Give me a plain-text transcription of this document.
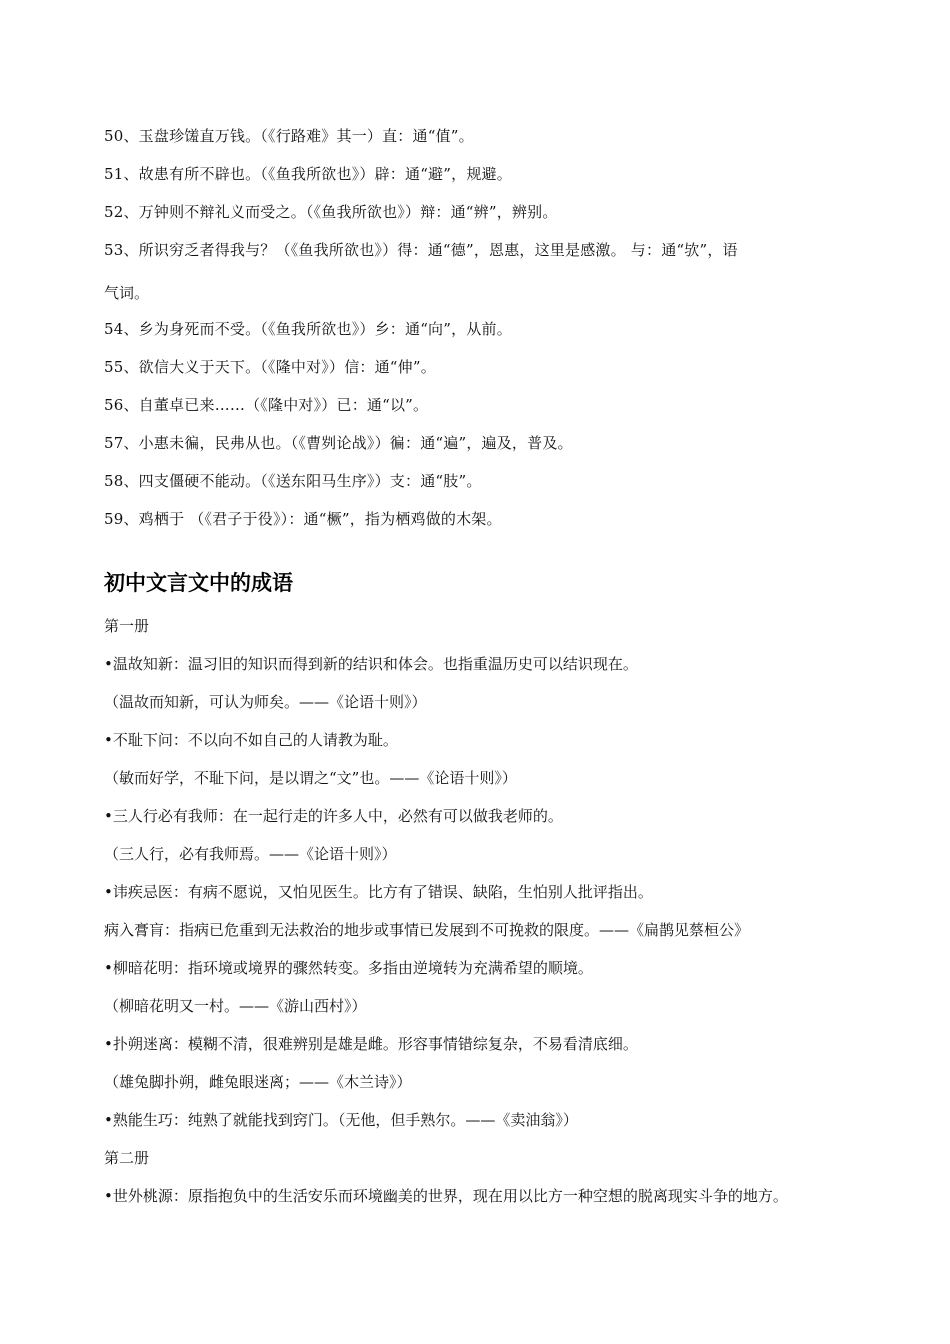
50、玉盘珍馐直万钱。（《行路难》其一）直：通“值”。
51、故患有所不辟也。（《鱼我所欲也》）辟：通“避”，规避。
52、万钟则不辩礼义而受之。（《鱼我所欲也》）辩：通“辨”，辨别。
53、所识穷乏者得我与？（《鱼我所欲也》）得：通“德”，恩惠，这里是感激。 与：通“欤”，语
气词。
54、乡为身死而不受。（《鱼我所欲也》）乡：通“向”，从前。
55、欲信大义于天下。（《隆中对》）信：通“伸”。
56、自董卓已来……（《隆中对》）已：通“以”。
57、小惠未徧，民弗从也。（《曹刿论战》）徧：通“遍”，遍及，普及。
58、四支僵硬不能动。（《送东阳马生序》）支：通“肢”。
59、鸡栖于 （《君子于役》）：通“橛”，指为栖鸡做的木架。
初中文言文中的成语
第一册
•温故知新：温习旧的知识而得到新的结识和体会。也指重温历史可以结识现在。
（温故而知新，可认为师矣。——《论语十则》）
•不耻下问：不以向不如自己的人请教为耻。
（敏而好学，不耻下问，是以谓之“文”也。——《论语十则》）
•三人行必有我师：在一起行走的许多人中，必然有可以做我老师的。
（三人行，必有我师焉。——《论语十则》）
•讳疾忌医：有病不愿说，又怕见医生。比方有了错误、缺陷，生怕别人批评指出。
病入膏肓：指病已危重到无法救治的地步或事情已发展到不可挽救的限度。——《扁鹊见蔡桓公》
•柳暗花明：指环境或境界的骤然转变。多指由逆境转为充满希望的顺境。
（柳暗花明又一村。——《游山西村》）
•扑朔迷离：模糊不清，很难辨别是雄是雌。形容事情错综复杂，不易看清底细。
（雄兔脚扑朔，雌兔眼迷离；——《木兰诗》）
•熟能生巧：纯熟了就能找到窍门。（无他，但手熟尔。——《卖油翁》）
第二册
•世外桃源：原指抱负中的生活安乐而环境幽美的世界，现在用以比方一种空想的脱离现实斗争的地方。
